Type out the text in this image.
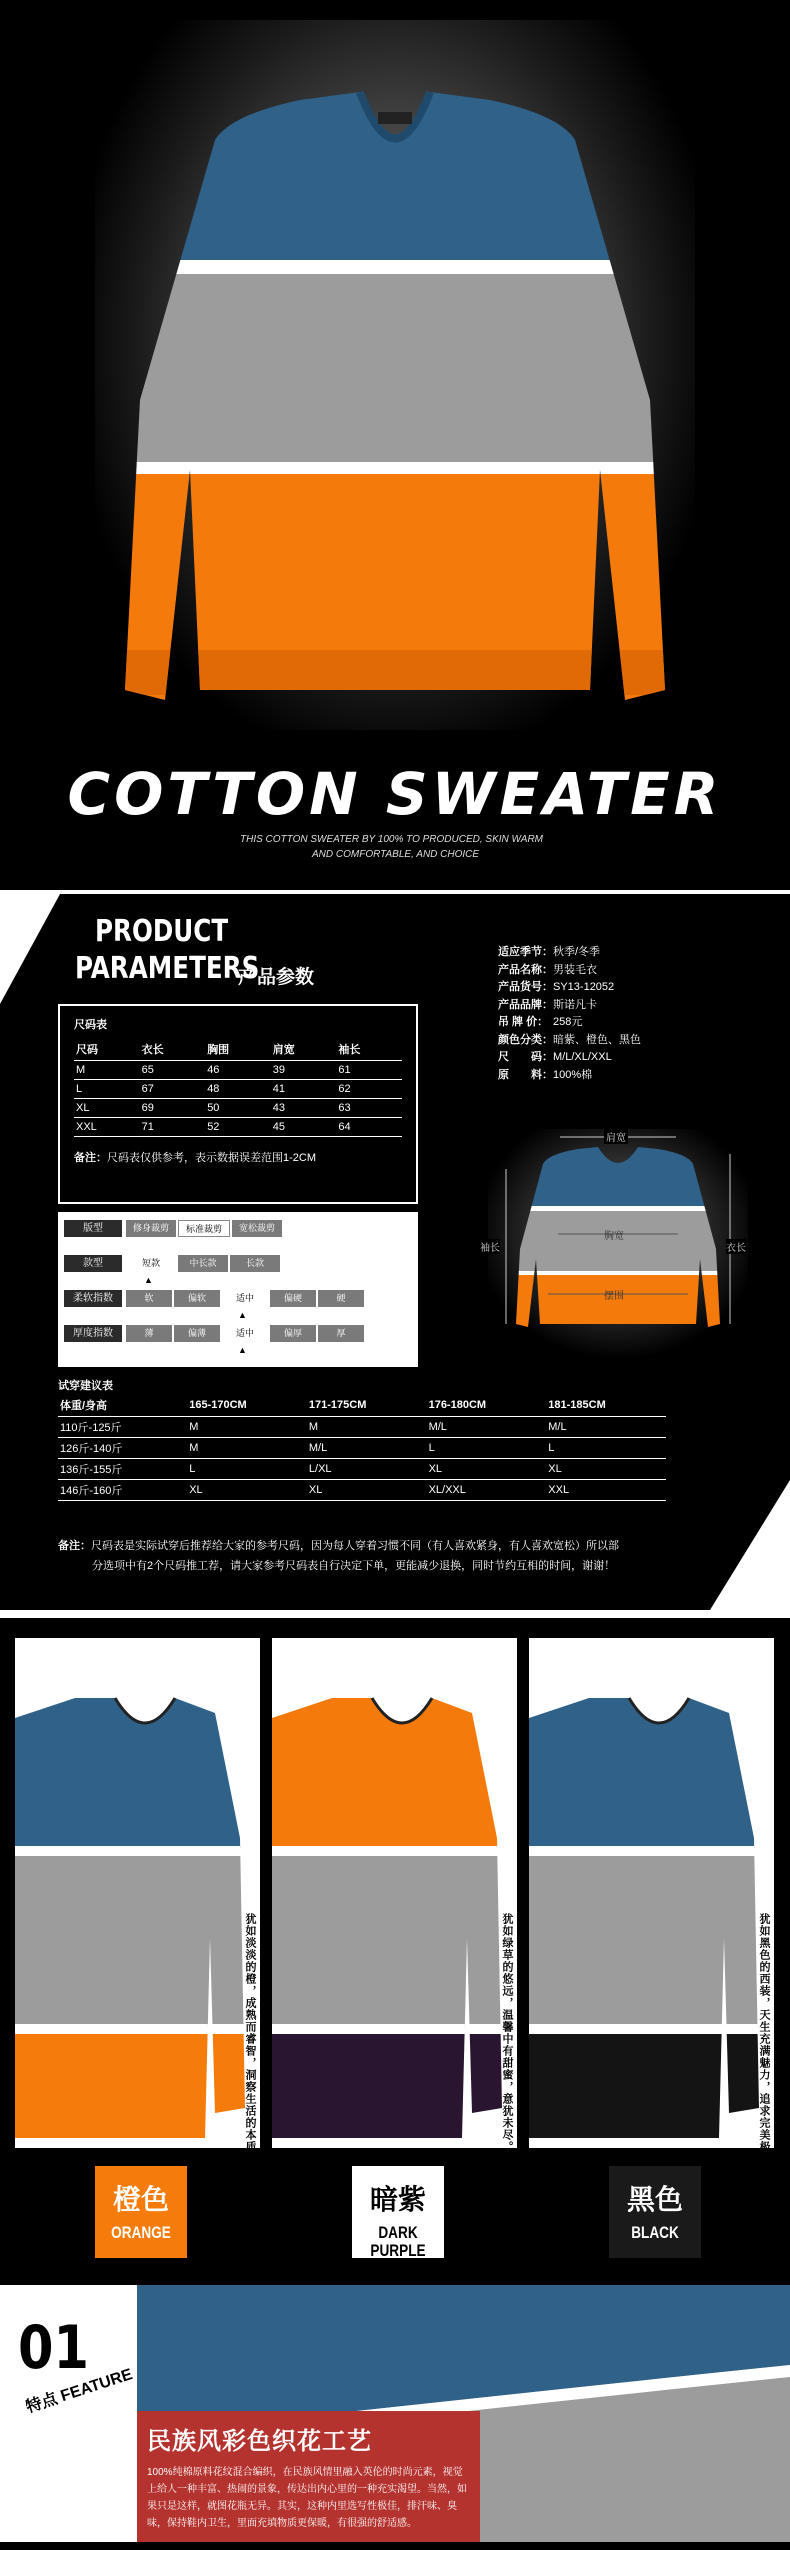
COTTON SWEATER
THIS COTTON SWEATER BY 100% TO PRODUCED, SKIN WARM
AND COMFORTABLE, AND CHOICE
PRODUCT
PARAMETERS
产品参数
尺码表
尺码	衣长	胸围	肩宽	袖长
M	65	46	39	61
L	67	48	41	62
XL	69	50	43	63
XXL	71	52	45	64
备注：尺码表仅供参考，表示数据误差范围1-2CM
版型	修身裁剪	标准裁剪	宽松裁剪
款型	短款	中长款	长款
▲
柔软指数	软	偏软	适中	偏硬	硬
▲
厚度指数	薄	偏薄	适中	偏厚	厚
▲
适应季节：秋季/冬季
产品名称：男装毛衣
产品货号：SY13-12052
产品品牌：斯诺凡卡
吊 牌 价： 258元
颜色分类：暗紫、橙色、黑色
尺　　码：M/L/XL/XXL
原　　料：100%棉
肩宽
胸宽
摆围
袖长	衣长
试穿建议表
体重/身高	165-170CM	171-175CM	176-180CM	181-185CM
110斤-125斤	M	M	M/L	M/L
126斤-140斤	M	M/L	L	L
136斤-155斤	L	L/XL	XL	XL
146斤-160斤	XL	XL	XL/XXL	XXL
备注：尺码表是实际试穿后推荐给大家的参考尺码，因为每人穿着习惯不同（有人喜欢紧身，有人喜欢宽松）所以部
分选项中有2个尺码推工荐，请大家参考尺码表自行决定下单，更能减少退换，同时节约互相的时间，谢谢！
犹如淡淡的橙，成熟而睿智，洞察生活的本质。
橙色
ORANGE
犹如绿草的悠远，温馨中有甜蜜，意犹未尽。
暗紫
DARK PURPLE
犹如黑色的西装，天生充满魅力，追求完美极致。
黑色
BLACK
01
特点 FEATURE
民族风彩色织花工艺
100%纯棉原料花纹混合编织，在民族风情里融入英伦的时尚元素，视觉上给人一种丰富、热闹的景象，传达出内心里的一种充实渴望。当然，如果只是这样，就图花瓶无异。其实，这种内里选写性极佳，排汗味、臭味，保持鞋内卫生，里面充填物质更保暖，有很强的舒适感。
